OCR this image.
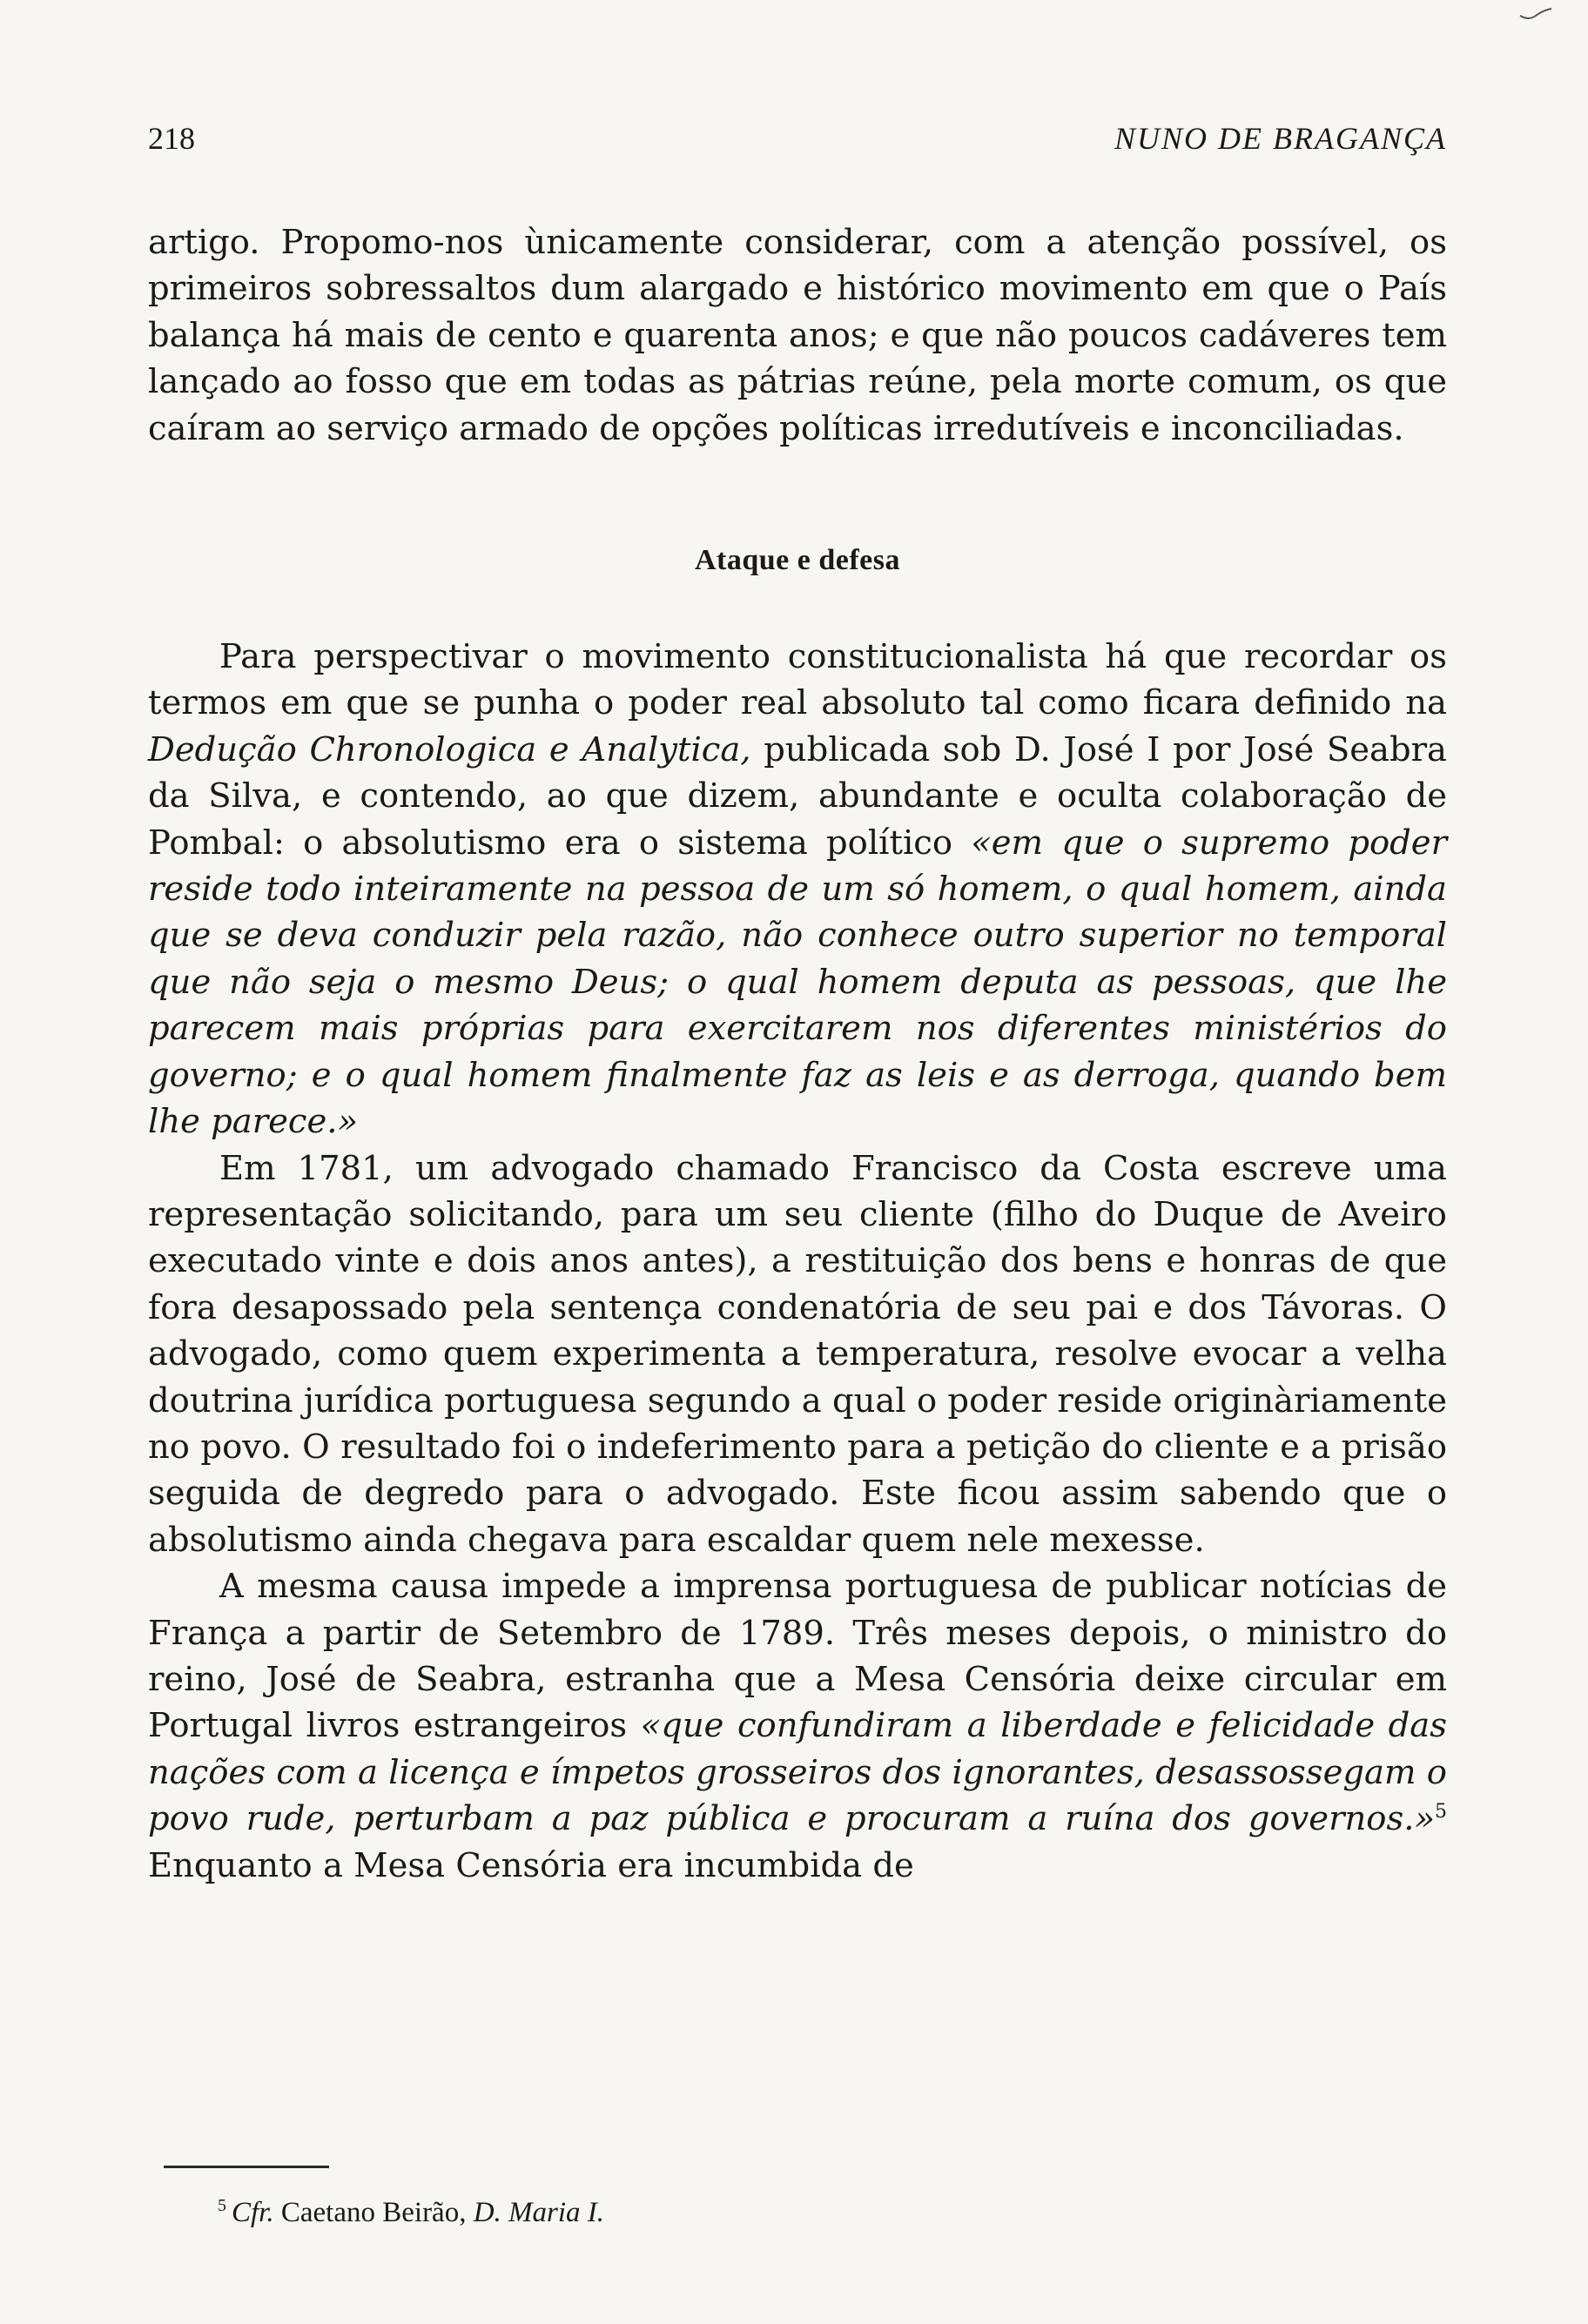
218	NUNO DE BRAGANÇA

artigo. Propomo-nos ùnicamente considerar, com a atenção possível, os primeiros sobressaltos dum alargado e histórico movimento em que o País balança há mais de cento e quarenta anos; e que não poucos cadáveres tem lançado ao fosso que em todas as pátrias reúne, pela morte comum, os que caíram ao serviço armado de opções políticas irredutíveis e inconciliadas.

Ataque e defesa

Para perspectivar o movimento constitucionalista há que recordar os termos em que se punha o poder real absoluto tal como ficara definido na Dedução Chronologica e Analytica, publicada sob D. José I por José Seabra da Silva, e contendo, ao que dizem, abundante e oculta colaboração de Pombal: o absolutismo era o sistema político «em que o supremo poder reside todo inteiramente na pessoa de um só homem, o qual homem, ainda que se deva conduzir pela razão, não conhece outro superior no temporal que não seja o mesmo Deus; o qual homem deputa as pessoas, que lhe parecem mais próprias para exercitarem nos diferentes ministérios do governo; e o qual homem finalmente faz as leis e as derroga, quando bem lhe parece.»

Em 1781, um advogado chamado Francisco da Costa escreve uma representação solicitando, para um seu cliente (filho do Duque de Aveiro executado vinte e dois anos antes), a restituição dos bens e honras de que fora desapossado pela sentença condenatória de seu pai e dos Távoras. O advogado, como quem experimenta a temperatura, resolve evocar a velha doutrina jurídica portuguesa segundo a qual o poder reside originàriamente no povo. O resultado foi o indeferimento para a petição do cliente e a prisão seguida de degredo para o advogado. Este ficou assim sabendo que o absolutismo ainda chegava para escaldar quem nele mexesse.

A mesma causa impede a imprensa portuguesa de publicar notícias de França a partir de Setembro de 1789. Três meses depois, o ministro do reino, José de Seabra, estranha que a Mesa Censória deixe circular em Portugal livros estrangeiros «que confundiram a liberdade e felicidade das nações com a licença e ímpetos grosseiros dos ignorantes, desassossegam o povo rude, perturbam a paz pública e procuram a ruína dos governos.»$^5$ Enquanto a Mesa Censória era incumbida de

$^5$ Cfr. Caetano Beirão, D. Maria I.
